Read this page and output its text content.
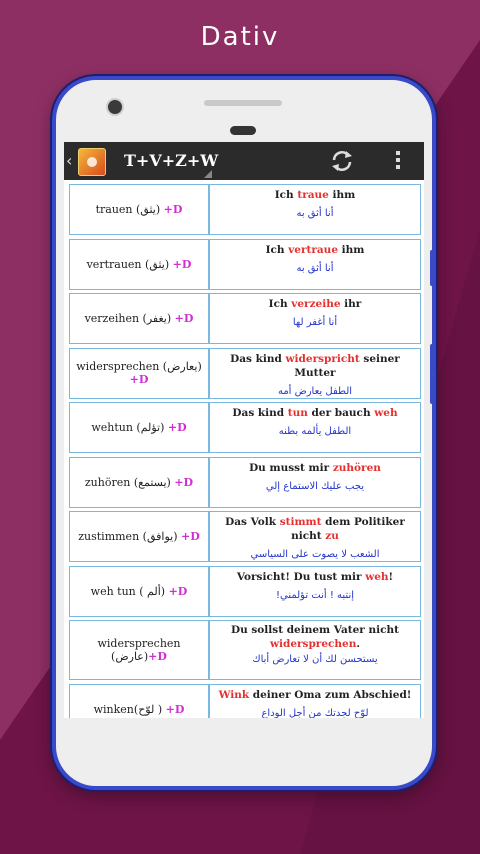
Dativ
‹	T+V+Z+W
trauen (يثق) +D
Ich traue ihm
أنا أثق به
vertrauen (يثق) +D
Ich vertraue ihm
أنا أثق به
verzeihen (يغفر) +D
Ich verzeihe ihr
أنا أغفر لها
widersprechen (يعارض) +D
Das kind widerspricht seiner Mutter
الطفل يعارض أمه
wehtun (تؤلم) +D
Das kind tun der bauch weh
الطفل يألمه بطنه
zuhören (يستمع) +D
Du musst mir zuhören
يجب عليك الاستماع إلي
zustimmen (يوافق) +D
Das Volk stimmt dem Politiker nicht zu
الشعب لا يصوت على السياسي
weh tun ( ألم) +D
Vorsicht! Du tust mir weh!
إنتبه ! أنت تؤلمني!
widersprechen (عارض)+D
Du sollst deinem Vater nicht
widersprechen.
يستحسن لك أن لا تعارض أباك
winken(لوّح ) +D
Wink deiner Oma zum Abschied!
لوّح لجدتك من أجل الوداع
